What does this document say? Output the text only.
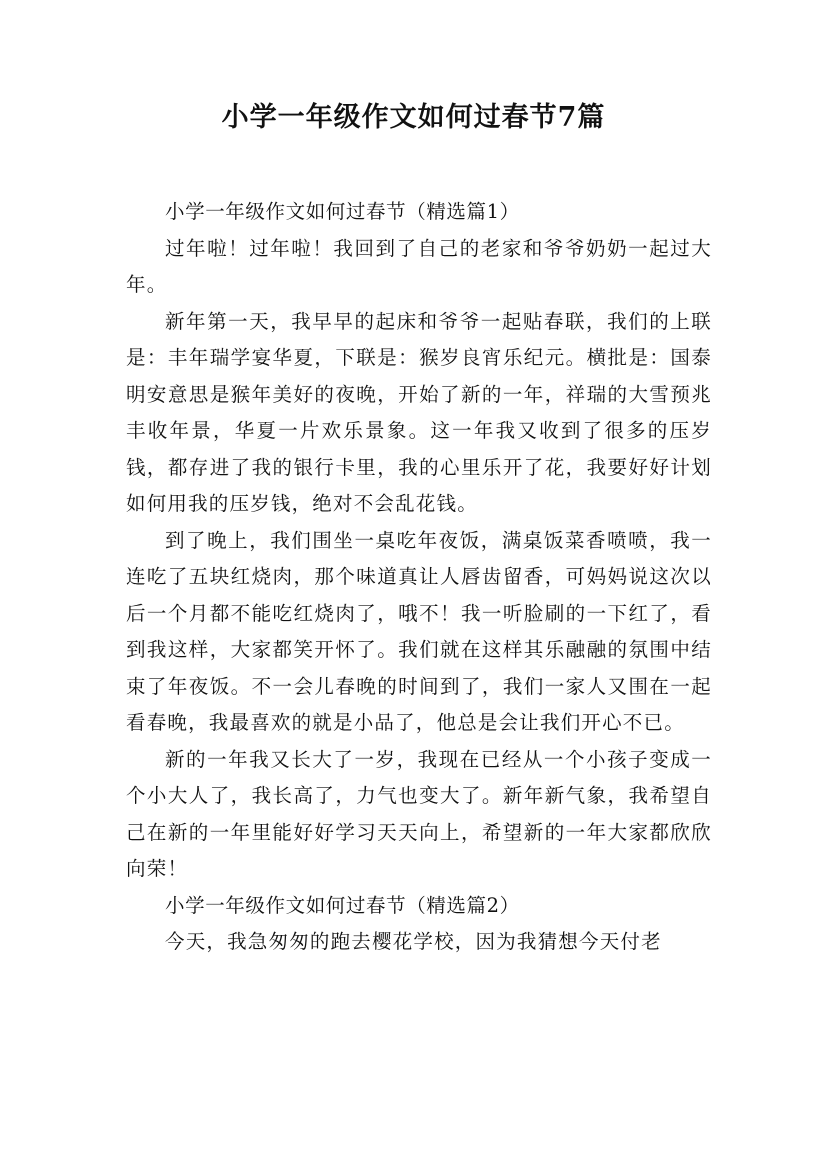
小学一年级作文如何过春节7篇

小学一年级作文如何过春节（精选篇1）

过年啦！过年啦！我回到了自己的老家和爷爷奶奶一起过大年。

新年第一天，我早早的起床和爷爷一起贴春联，我们的上联是：丰年瑞学宴华夏，下联是：猴岁良宵乐纪元。横批是：国泰明安意思是猴年美好的夜晚，开始了新的一年，祥瑞的大雪预兆丰收年景，华夏一片欢乐景象。这一年我又收到了很多的压岁钱，都存进了我的银行卡里，我的心里乐开了花，我要好好计划如何用我的压岁钱，绝对不会乱花钱。

到了晚上，我们围坐一桌吃年夜饭，满桌饭菜香喷喷，我一连吃了五块红烧肉，那个味道真让人唇齿留香，可妈妈说这次以后一个月都不能吃红烧肉了，哦不！我一听脸刷的一下红了，看到我这样，大家都笑开怀了。我们就在这样其乐融融的氛围中结束了年夜饭。不一会儿春晚的时间到了，我们一家人又围在一起看春晚，我最喜欢的就是小品了，他总是会让我们开心不已。

新的一年我又长大了一岁，我现在已经从一个小孩子变成一个小大人了，我长高了，力气也变大了。新年新气象，我希望自己在新的一年里能好好学习天天向上，希望新的一年大家都欣欣向荣！

小学一年级作文如何过春节（精选篇2）

今天，我急匆匆的跑去樱花学校，因为我猜想今天付老
